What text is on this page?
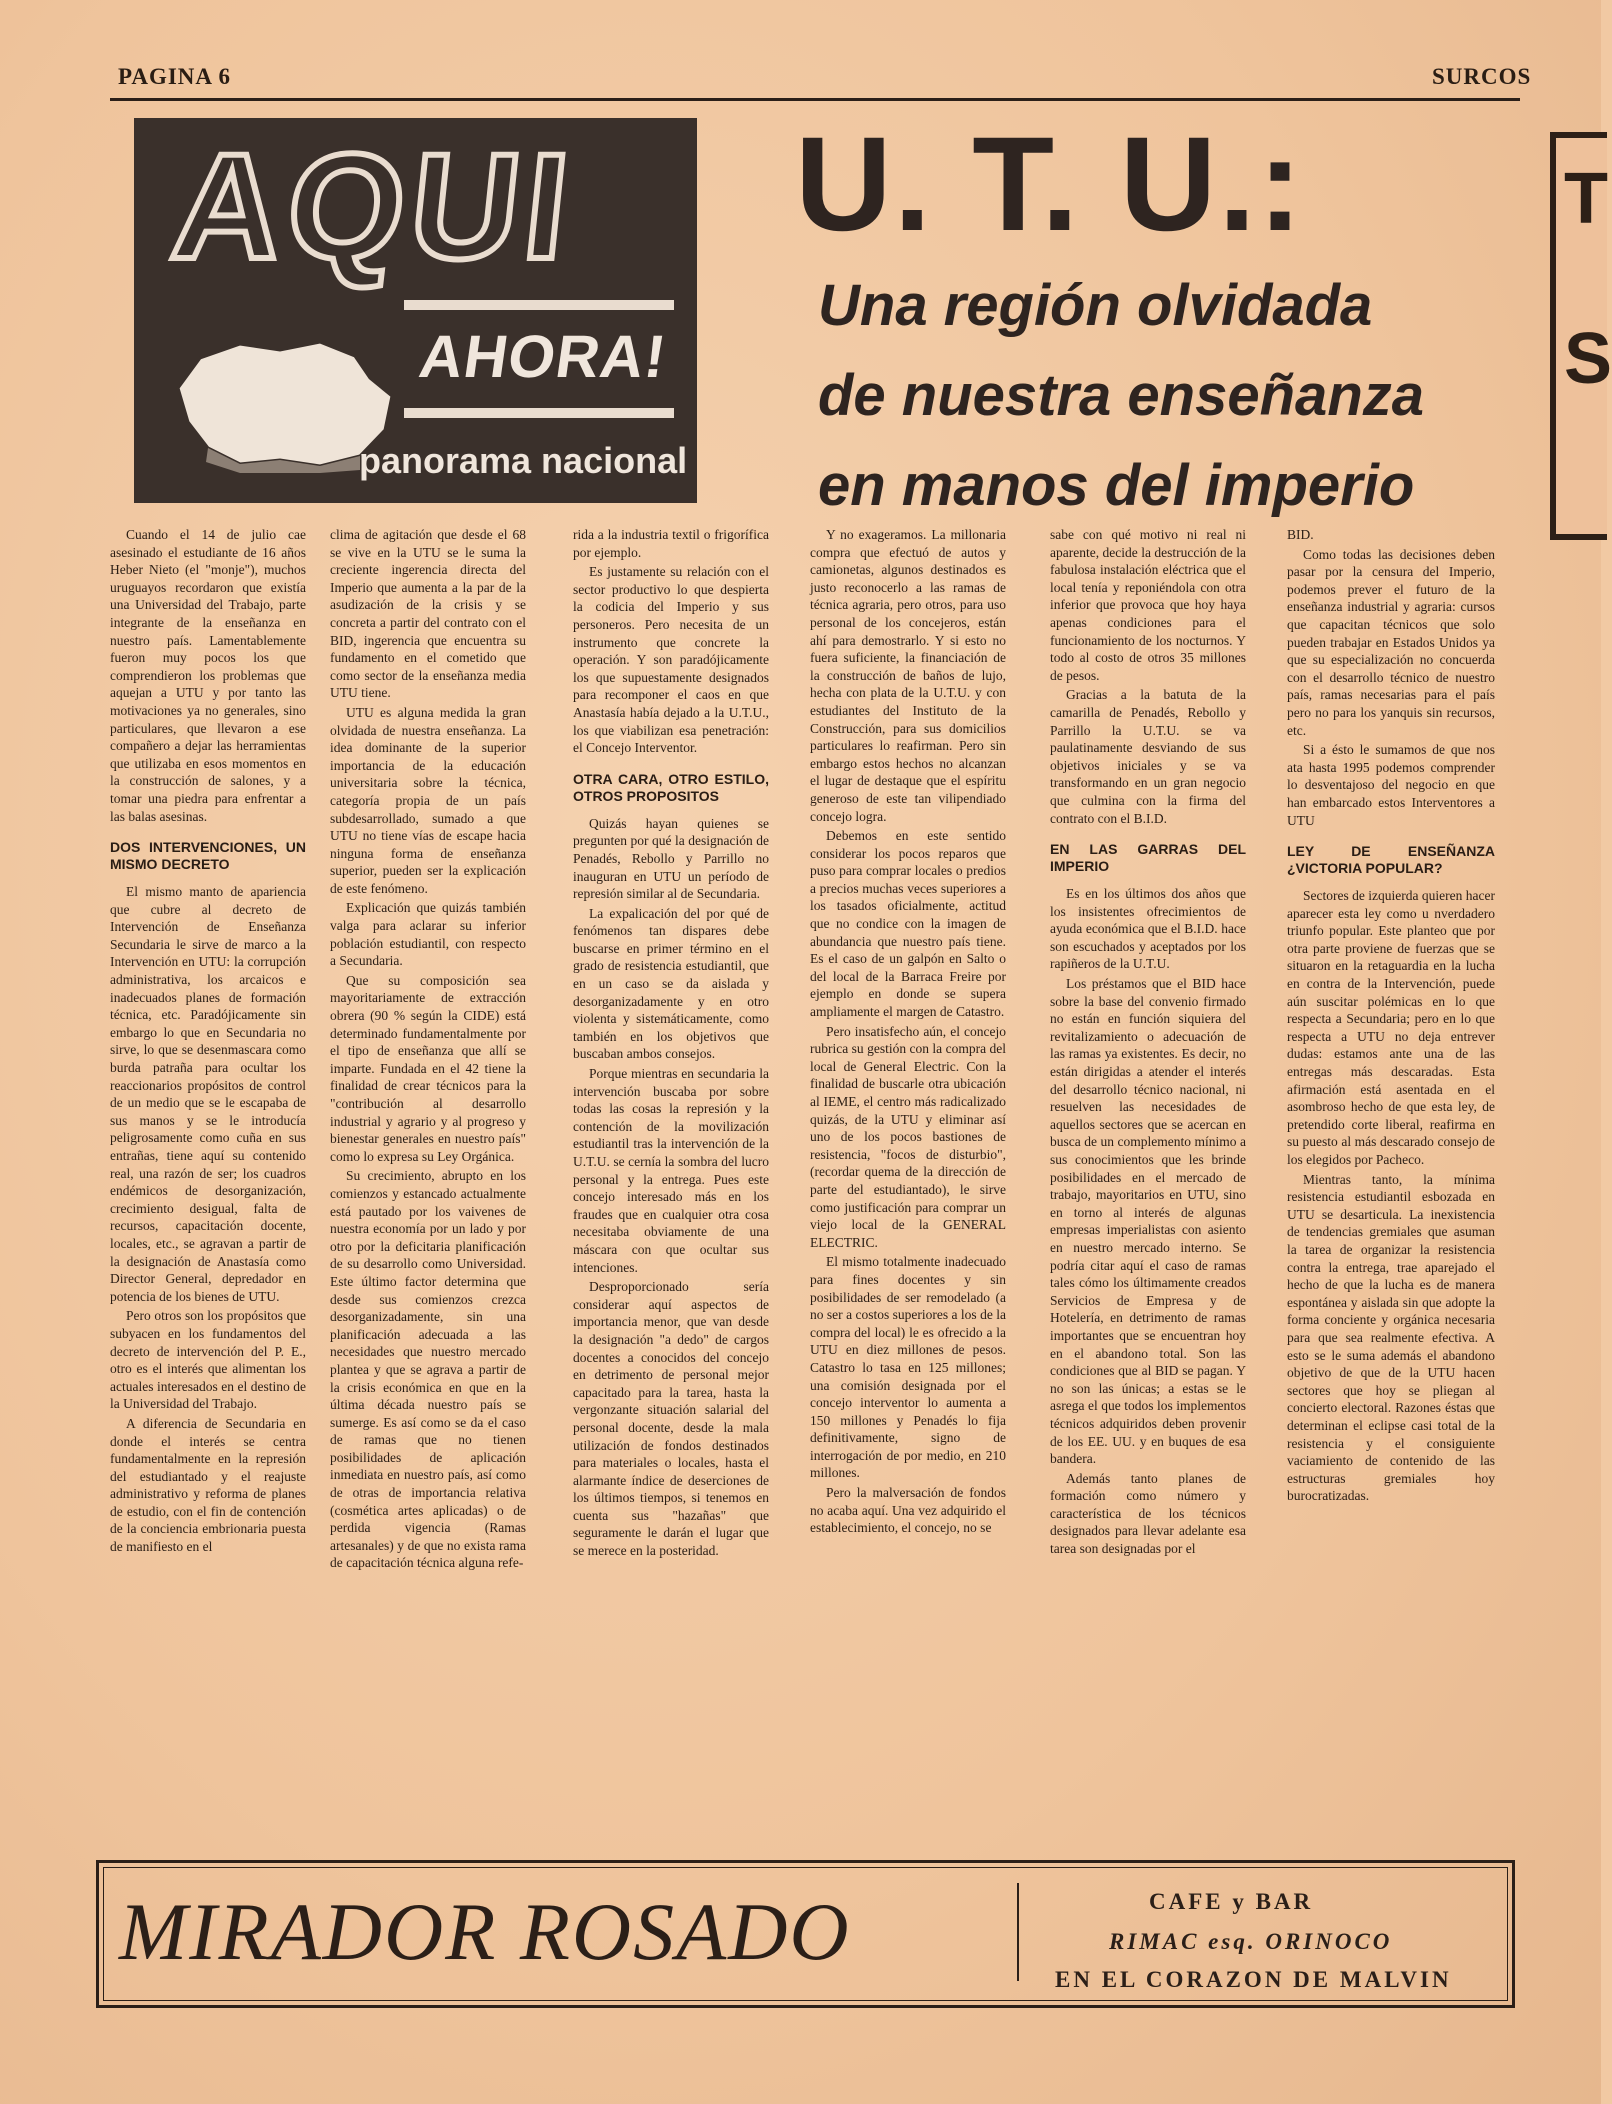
PAGINA 6	SURCOS
AQUI
AHORA!
panorama nacional
U. T. U.:
Una región olvidada
de nuestra enseñanza
en manos del imperio
T
S

Cuando el 14 de julio cae asesinado el estudiante de 16 años Heber Nieto (el "monje"), muchos uruguayos recordaron que existía una Universidad del Trabajo, parte integrante de la enseñanza en nuestro país. Lamentablemente fueron muy pocos los que comprendieron los problemas que aquejan a UTU y por tanto las motivaciones ya no generales, sino particulares, que llevaron a ese compañero a dejar las herramientas que utilizaba en esos momentos en la construcción de salones, y a tomar una piedra para enfrentar a las balas asesinas.

DOS INTERVENCIONES, UN MISMO DECRETO

El mismo manto de apariencia que cubre al decreto de Intervención de Enseñanza Secundaria le sirve de marco a la Intervención en UTU: la corrupción administrativa, los arcaicos e inadecuados planes de formación técnica, etc. Paradójicamente sin embargo lo que en Secundaria no sirve, lo que se desenmascara como burda patraña para ocultar los reaccionarios propósitos de control de un medio que se le escapaba de sus manos y se le introducía peligrosamente como cuña en sus entrañas, tiene aquí su contenido real, una razón de ser; los cuadros endémicos de desorganización, crecimiento desigual, falta de recursos, capacitación docente, locales, etc., se agravan a partir de la designación de Anastasía como Director General, depredador en potencia de los bienes de UTU.

Pero otros son los propósitos que subyacen en los fundamentos del decreto de intervención del P. E., otro es el interés que alimentan los actuales interesados en el destino de la Universidad del Trabajo.

A diferencia de Secundaria en donde el interés se centra fundamentalmente en la represión del estudiantado y el reajuste administrativo y reforma de planes de estudio, con el fin de contención de la conciencia embrionaria puesta de manifiesto en el

clima de agitación que desde el 68 se vive en la UTU se le suma la creciente ingerencia directa del Imperio que aumenta a la par de la asudización de la crisis y se concreta a partir del contrato con el BID, ingerencia que encuentra su fundamento en el cometido que como sector de la enseñanza media UTU tiene.

UTU es alguna medida la gran olvidada de nuestra enseñanza. La idea dominante de la superior importancia de la educación universitaria sobre la técnica, categoría propia de un país subdesarrollado, sumado a que UTU no tiene vías de escape hacia ninguna forma de enseñanza superior, pueden ser la explicación de este fenómeno.

Explicación que quizás también valga para aclarar su inferior población estudiantil, con respecto a Secundaria.

Que su composición sea mayoritariamente de extracción obrera (90 % según la CIDE) está determinado fundamentalmente por el tipo de enseñanza que allí se imparte. Fundada en el 42 tiene la finalidad de crear técnicos para la "contribución al desarrollo industrial y agrario y al progreso y bienestar generales en nuestro país" como lo expresa su Ley Orgánica.

Su crecimiento, abrupto en los comienzos y estancado actualmente está pautado por los vaivenes de nuestra economía por un lado y por otro por la deficitaria planificación de su desarrollo como Universidad. Este último factor determina que desde sus comienzos crezca desorganizadamente, sin una planificación adecuada a las necesidades que nuestro mercado plantea y que se agrava a partir de la crisis económica en que en la última década nuestro país se sumerge. Es así como se da el caso de ramas que no tienen posibilidades de aplicación inmediata en nuestro país, así como de otras de importancia relativa (cosmética artes aplicadas) o de perdida vigencia (Ramas artesanales) y de que no exista rama de capacitación técnica alguna refe-

rida a la industria textil o frigorífica por ejemplo.

Es justamente su relación con el sector productivo lo que despierta la codicia del Imperio y sus personeros. Pero necesita de un instrumento que concrete la operación. Y son paradójicamente los que supuestamente designados para recomponer el caos en que Anastasía había dejado a la U.T.U., los que viabilizan esa penetración: el Concejo Interventor.

OTRA CARA, OTRO ESTILO, OTROS PROPOSITOS

Quizás hayan quienes se pregunten por qué la designación de Penadés, Rebollo y Parrillo no inauguran en UTU un período de represión similar al de Secundaria.

La expalicación del por qué de fenómenos tan dispares debe buscarse en primer término en el grado de resistencia estudiantil, que en un caso se da aislada y desorganizadamente y en otro violenta y sistemáticamente, como también en los objetivos que buscaban ambos consejos.

Porque mientras en secundaria la intervención buscaba por sobre todas las cosas la represión y la contención de la movilización estudiantil tras la intervención de la U.T.U. se cernía la sombra del lucro personal y la entrega. Pues este concejo interesado más en los fraudes que en cualquier otra cosa necesitaba obviamente de una máscara con que ocultar sus intenciones.

Desproporcionado sería considerar aquí aspectos de importancia menor, que van desde la designación "a dedo" de cargos docentes a conocidos del concejo en detrimento de personal mejor capacitado para la tarea, hasta la vergonzante situación salarial del personal docente, desde la mala utilización de fondos destinados para materiales o locales, hasta el alarmante índice de deserciones de los últimos tiempos, si tenemos en cuenta sus "hazañas" que seguramente le darán el lugar que se merece en la posteridad.

Y no exageramos. La millonaria compra que efectuó de autos y camionetas, algunos destinados es justo reconocerlo a las ramas de técnica agraria, pero otros, para uso personal de los concejeros, están ahí para demostrarlo. Y si esto no fuera suficiente, la financiación de la construcción de baños de lujo, hecha con plata de la U.T.U. y con estudiantes del Instituto de la Construcción, para sus domicilios particulares lo reafirman. Pero sin embargo estos hechos no alcanzan el lugar de destaque que el espíritu generoso de este tan vilipendiado concejo logra.

Debemos en este sentido considerar los pocos reparos que puso para comprar locales o predios a precios muchas veces superiores a los tasados oficialmente, actitud que no condice con la imagen de abundancia que nuestro país tiene. Es el caso de un galpón en Salto o del local de la Barraca Freire por ejemplo en donde se supera ampliamente el margen de Catastro.

Pero insatisfecho aún, el concejo rubrica su gestión con la compra del local de General Electric. Con la finalidad de buscarle otra ubicación al IEME, el centro más radicalizado quizás, de la UTU y eliminar así uno de los pocos bastiones de resistencia, "focos de disturbio", (recordar quema de la dirección de parte del estudiantado), le sirve como justificación para comprar un viejo local de la GENERAL ELECTRIC.

El mismo totalmente inadecuado para fines docentes y sin posibilidades de ser remodelado (a no ser a costos superiores a los de la compra del local) le es ofrecido a la UTU en diez millones de pesos. Catastro lo tasa en 125 millones; una comisión designada por el concejo interventor lo aumenta a 150 millones y Penadés lo fija definitivamente, signo de interrogación de por medio, en 210 millones.

Pero la malversación de fondos no acaba aquí. Una vez adquirido el establecimiento, el concejo, no se

sabe con qué motivo ni real ni aparente, decide la destrucción de la fabulosa instalación eléctrica que el local tenía y reponiéndola con otra inferior que provoca que hoy haya apenas condiciones para el funcionamiento de los nocturnos. Y todo al costo de otros 35 millones de pesos.

Gracias a la batuta de la camarilla de Penadés, Rebollo y Parrillo la U.T.U. se va paulatinamente desviando de sus objetivos iniciales y se va transformando en un gran negocio que culmina con la firma del contrato con el B.I.D.

EN LAS GARRAS DEL IMPERIO

Es en los últimos dos años que los insistentes ofrecimientos de ayuda económica que el B.I.D. hace son escuchados y aceptados por los rapiñeros de la U.T.U.

Los préstamos que el BID hace sobre la base del convenio firmado no están en función siquiera del revitalizamiento o adecuación de las ramas ya existentes. Es decir, no están dirigidas a atender el interés del desarrollo técnico nacional, ni resuelven las necesidades de aquellos sectores que se acercan en busca de un complemento mínimo a sus conocimientos que les brinde posibilidades en el mercado de trabajo, mayoritarios en UTU, sino en torno al interés de algunas empresas imperialistas con asiento en nuestro mercado interno. Se podría citar aquí el caso de ramas tales cómo los últimamente creados Servicios de Empresa y de Hotelería, en detrimento de ramas importantes que se encuentran hoy en el abandono total. Son las condiciones que al BID se pagan. Y no son las únicas; a estas se le asrega el que todos los implementos técnicos adquiridos deben provenir de los EE. UU. y en buques de esa bandera.

Además tanto planes de formación como número y característica de los técnicos designados para llevar adelante esa tarea son designadas por el

BID.

Como todas las decisiones deben pasar por la censura del Imperio, podemos prever el futuro de la enseñanza industrial y agraria: cursos que capacitan técnicos que solo pueden trabajar en Estados Unidos ya que su especialización no concuerda con el desarrollo técnico de nuestro país, ramas necesarias para el país pero no para los yanquis sin recursos, etc.

Si a ésto le sumamos de que nos ata hasta 1995 podemos comprender lo desventajoso del negocio en que han embarcado estos Interventores a UTU

LEY DE ENSEÑANZA ¿VICTORIA POPULAR?

Sectores de izquierda quieren hacer aparecer esta ley como u nverdadero triunfo popular. Este planteo que por otra parte proviene de fuerzas que se situaron en la retaguardia en la lucha en contra de la Intervención, puede aún suscitar polémicas en lo que respecta a Secundaria; pero en lo que respecta a UTU no deja entrever dudas: estamos ante una de las entregas más descaradas. Esta afirmación está asentada en el asombroso hecho de que esta ley, de pretendido corte liberal, reafirma en su puesto al más descarado consejo de los elegidos por Pacheco.

Mientras tanto, la mínima resistencia estudiantil esbozada en UTU se desarticula. La inexistencia de tendencias gremiales que asuman la tarea de organizar la resistencia contra la entrega, trae aparejado el hecho de que la lucha es de manera espontánea y aislada sin que adopte la forma conciente y orgánica necesaria para que sea realmente efectiva. A esto se le suma además el abandono objetivo de que de la UTU hacen sectores que hoy se pliegan al concierto electoral. Razones éstas que determinan el eclipse casi total de la resistencia y el consiguiente vaciamiento de contenido de las estructuras gremiales hoy burocratizadas.

MIRADOR ROSADO	CAFE y BAR
RIMAC esq. ORINOCO
EN EL CORAZON DE MALVIN
